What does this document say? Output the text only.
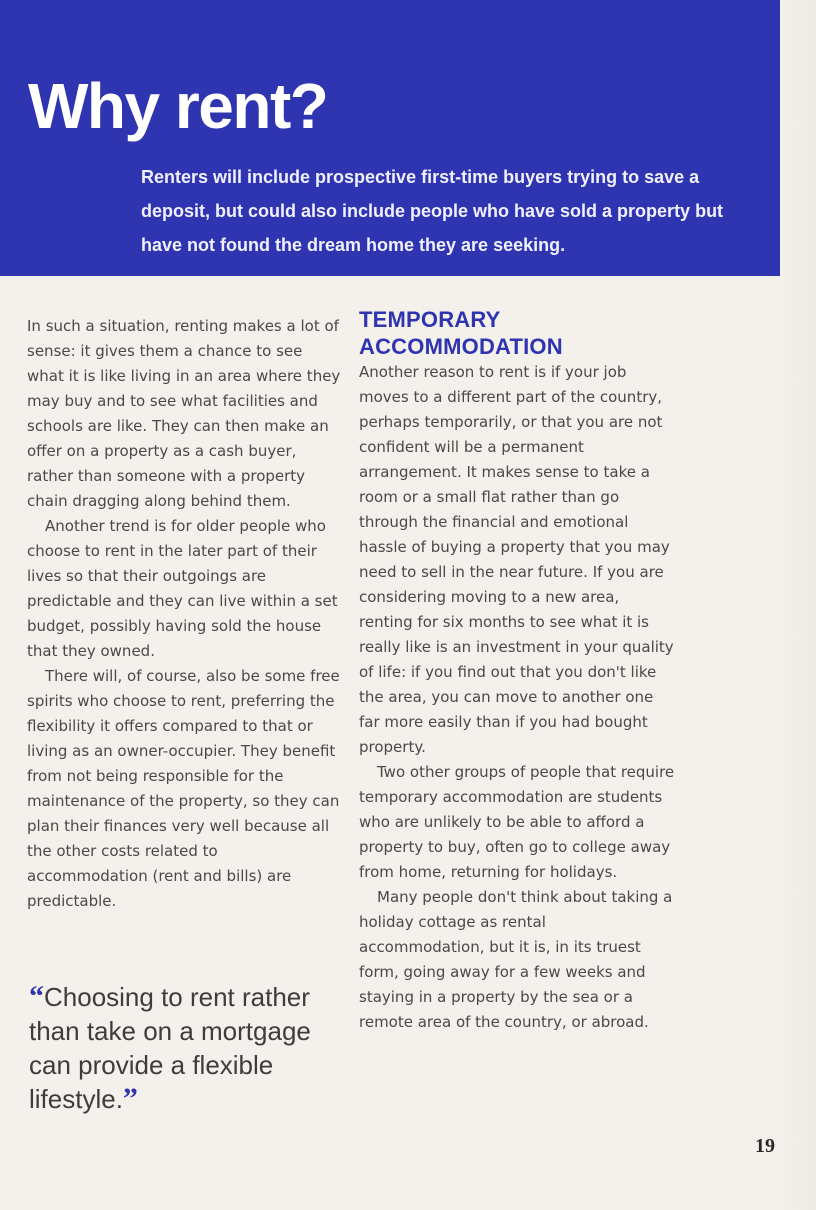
Why rent?

Renters will include prospective first-time buyers trying to save a deposit, but could also include people who have sold a property but have not found the dream home they are seeking.

In such a situation, renting makes a lot of sense: it gives them a chance to see what it is like living in an area where they may buy and to see what facilities and schools are like. They can then make an offer on a property as a cash buyer, rather than someone with a property chain dragging along behind them.

Another trend is for older people who choose to rent in the later part of their lives so that their outgoings are predictable and they can live within a set budget, possibly having sold the house that they owned.

There will, of course, also be some free spirits who choose to rent, preferring the flexibility it offers compared to that or living as an owner-occupier. They benefit from not being responsible for the maintenance of the property, so they can plan their finances very well because all the other costs related to accommodation (rent and bills) are predictable.

“Choosing to rent rather than take on a mortgage can provide a flexible lifestyle.”

TEMPORARY ACCOMMODATION

Another reason to rent is if your job moves to a different part of the country, perhaps temporarily, or that you are not confident will be a permanent arrangement. It makes sense to take a room or a small flat rather than go through the financial and emotional hassle of buying a property that you may need to sell in the near future. If you are considering moving to a new area, renting for six months to see what it is really like is an investment in your quality of life: if you find out that you don't like the area, you can move to another one far more easily than if you had bought property.

Two other groups of people that require temporary accommodation are students who are unlikely to be able to afford a property to buy, often go to college away from home, returning for holidays.

Many people don't think about taking a holiday cottage as rental accommodation, but it is, in its truest form, going away for a few weeks and staying in a property by the sea or a remote area of the country, or abroad.

19
